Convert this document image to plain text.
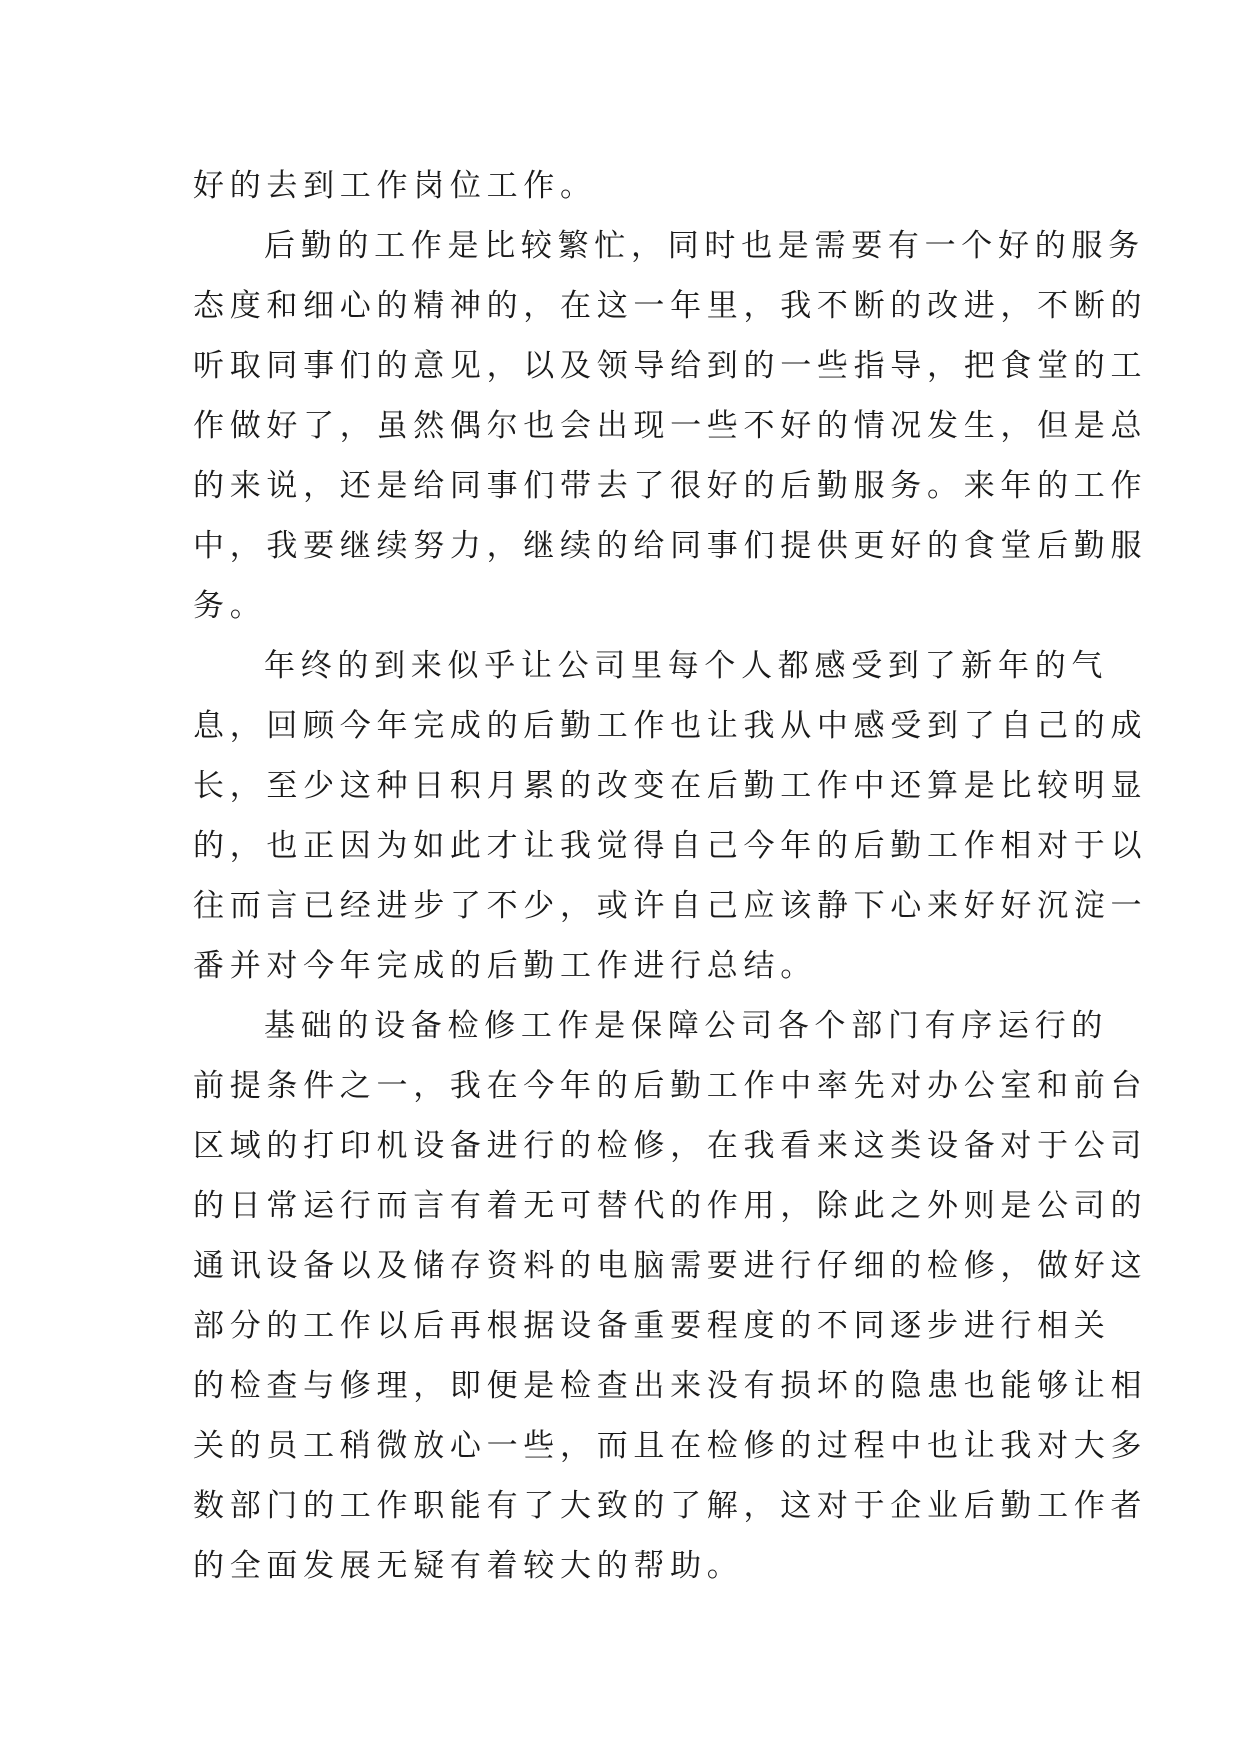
好的去到工作岗位工作。
后勤的工作是比较繁忙，同时也是需要有一个好的服务
态度和细心的精神的，在这一年里，我不断的改进，不断的
听取同事们的意见，以及领导给到的一些指导，把食堂的工
作做好了，虽然偶尔也会出现一些不好的情况发生，但是总
的来说，还是给同事们带去了很好的后勤服务。来年的工作
中，我要继续努力，继续的给同事们提供更好的食堂后勤服
务。
年终的到来似乎让公司里每个人都感受到了新年的气
息，回顾今年完成的后勤工作也让我从中感受到了自己的成
长，至少这种日积月累的改变在后勤工作中还算是比较明显
的，也正因为如此才让我觉得自己今年的后勤工作相对于以
往而言已经进步了不少，或许自己应该静下心来好好沉淀一
番并对今年完成的后勤工作进行总结。
基础的设备检修工作是保障公司各个部门有序运行的
前提条件之一，我在今年的后勤工作中率先对办公室和前台
区域的打印机设备进行的检修，在我看来这类设备对于公司
的日常运行而言有着无可替代的作用，除此之外则是公司的
通讯设备以及储存资料的电脑需要进行仔细的检修，做好这
部分的工作以后再根据设备重要程度的不同逐步进行相关
的检查与修理，即便是检查出来没有损坏的隐患也能够让相
关的员工稍微放心一些，而且在检修的过程中也让我对大多
数部门的工作职能有了大致的了解，这对于企业后勤工作者
的全面发展无疑有着较大的帮助。
